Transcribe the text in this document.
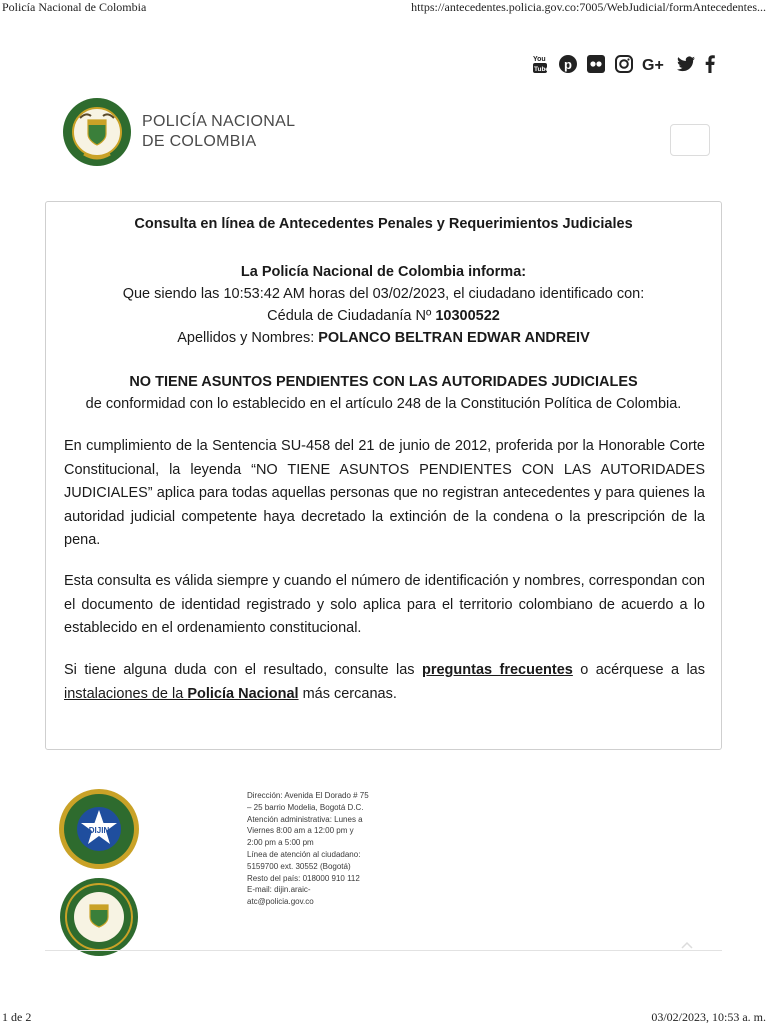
Policía Nacional de Colombia	https://antecedentes.policia.gov.co:7005/WebJudicial/formAntecedentes...
You
Tube p	G+
POLICÍA NACIONAL
DE COLOMBIA
Consulta en línea de Antecedentes Penales y Requerimientos Judiciales
La Policía Nacional de Colombia informa:
Que siendo las 10:53:42 AM horas del 03/02/2023, el ciudadano identificado con:
Cédula de Ciudadanía Nº 10300522
Apellidos y Nombres: POLANCO BELTRAN EDWAR ANDREIV
NO TIENE ASUNTOS PENDIENTES CON LAS AUTORIDADES JUDICIALES
de conformidad con lo establecido en el artículo 248 de la Constitución Política de Colombia.
En cumplimiento de la Sentencia SU-458 del 21 de junio de 2012, proferida por la Honorable Corte Constitucional, la leyenda “NO TIENE ASUNTOS PENDIENTES CON LAS AUTORIDADES JUDICIALES” aplica para todas aquellas personas que no registran antecedentes y para quienes la autoridad judicial competente haya decretado la extinción de la condena o la prescripción de la pena.
Esta consulta es válida siempre y cuando el número de identificación y nombres, correspondan con el documento de identidad registrado y solo aplica para el territorio colombiano de acuerdo a lo establecido en el ordenamiento constitucional.
Si tiene alguna duda con el resultado, consulte las preguntas frecuentes o acérquese a las instalaciones de la Policía Nacional más cercanas.
DIJIN

Dirección: Avenida El Dorado # 75
– 25 barrio Modelia, Bogotá D.C.
Atención administrativa: Lunes a
Viernes 8:00 am a 12:00 pm y
2:00 pm a 5:00 pm
Línea de atención al ciudadano:
5159700 ext. 30552 (Bogotá)
Resto del país: 018000 910 112
E-mail: dijin.araic-
atc@policia.gov.co
1 de 2	03/02/2023, 10:53 a. m.
